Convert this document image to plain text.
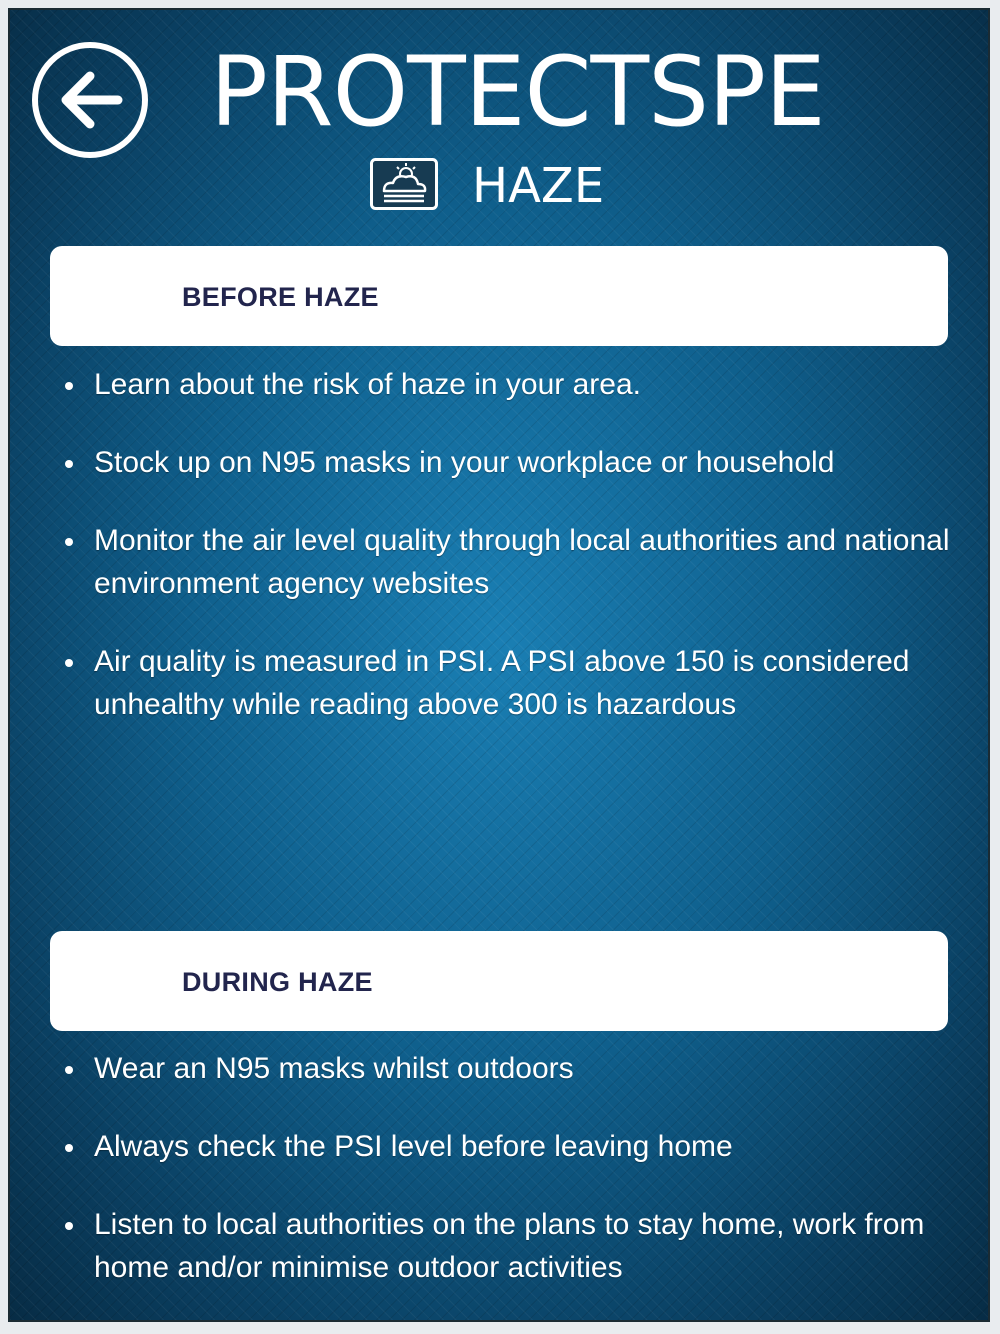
PROTECTSPE
HAZE
BEFORE HAZE
Learn about the risk of haze in your area.
Stock up on N95 masks in your workplace or household
Monitor the air level quality through local authorities and national environment agency websites
Air quality is measured in PSI. A PSI above 150 is considered unhealthy while reading above 300 is hazardous
DURING HAZE
Wear an N95 masks whilst outdoors
Always check the PSI level before leaving home
Listen to local authorities on the plans to stay home, work from home and/or minimise outdoor activities
